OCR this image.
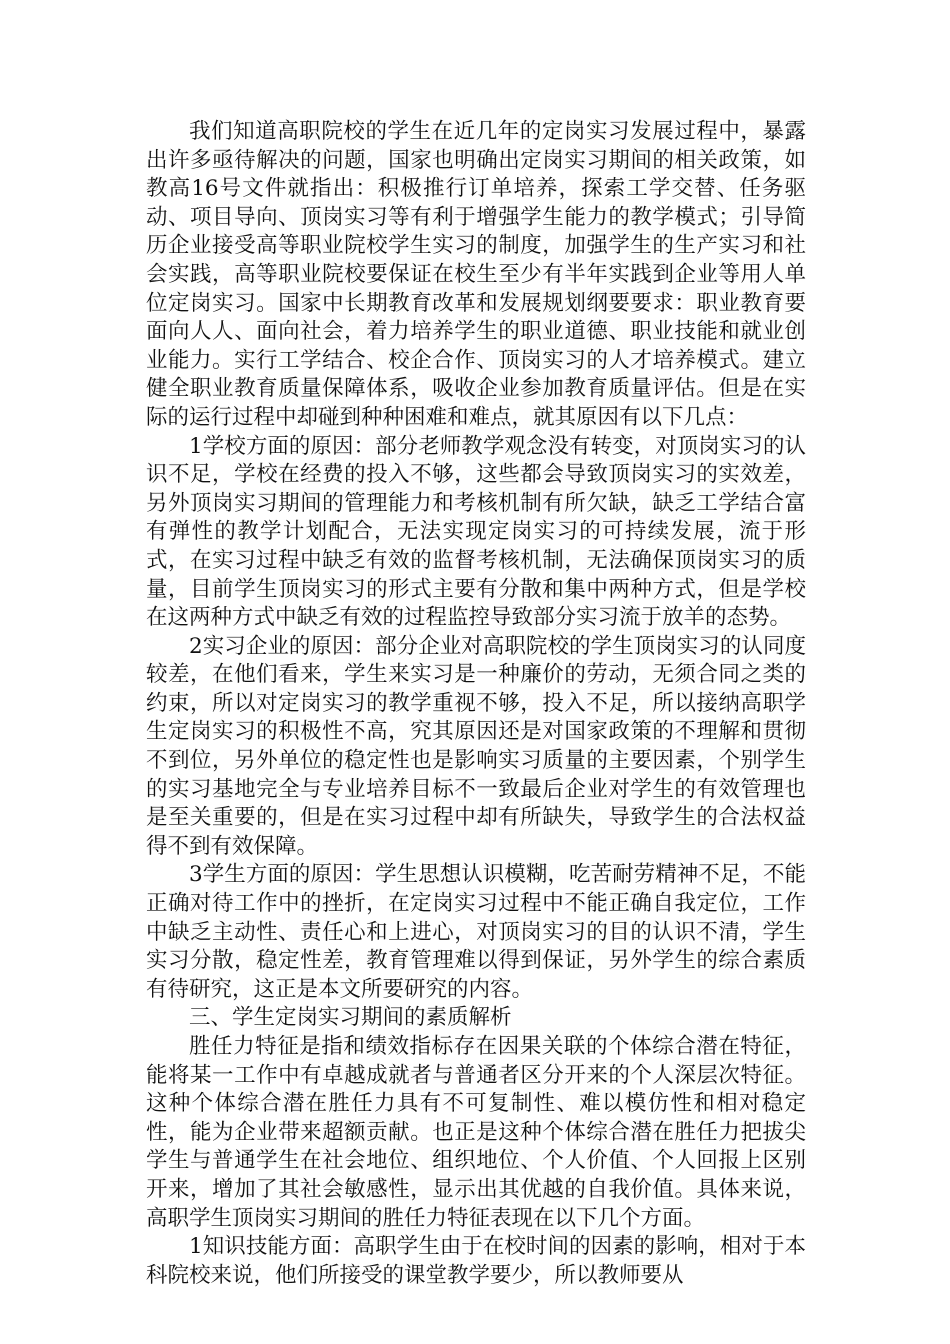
我们知道高职院校的学生在近几年的定岗实习发展过程中，暴露出许多亟待解决的问题，国家也明确出定岗实习期间的相关政策，如教高16号文件就指出：积极推行订单培养，探索工学交替、任务驱动、项目导向、顶岗实习等有利于增强学生能力的教学模式；引导简历企业接受高等职业院校学生实习的制度，加强学生的生产实习和社会实践，高等职业院校要保证在校生至少有半年实践到企业等用人单位定岗实习。国家中长期教育改革和发展规划纲要要求：职业教育要面向人人、面向社会，着力培养学生的职业道德、职业技能和就业创业能力。实行工学结合、校企合作、顶岗实习的人才培养模式。建立健全职业教育质量保障体系，吸收企业参加教育质量评估。但是在实际的运行过程中却碰到种种困难和难点，就其原因有以下几点：

1学校方面的原因：部分老师教学观念没有转变，对顶岗实习的认识不足，学校在经费的投入不够，这些都会导致顶岗实习的实效差，另外顶岗实习期间的管理能力和考核机制有所欠缺，缺乏工学结合富有弹性的教学计划配合，无法实现定岗实习的可持续发展，流于形式，在实习过程中缺乏有效的监督考核机制，无法确保顶岗实习的质量，目前学生顶岗实习的形式主要有分散和集中两种方式，但是学校在这两种方式中缺乏有效的过程监控导致部分实习流于放羊的态势。

2实习企业的原因：部分企业对高职院校的学生顶岗实习的认同度较差，在他们看来，学生来实习是一种廉价的劳动，无须合同之类的约束，所以对定岗实习的教学重视不够，投入不足，所以接纳高职学生定岗实习的积极性不高，究其原因还是对国家政策的不理解和贯彻不到位，另外单位的稳定性也是影响实习质量的主要因素，个别学生的实习基地完全与专业培养目标不一致最后企业对学生的有效管理也是至关重要的，但是在实习过程中却有所缺失，导致学生的合法权益得不到有效保障。

3学生方面的原因：学生思想认识模糊，吃苦耐劳精神不足，不能正确对待工作中的挫折，在定岗实习过程中不能正确自我定位，工作中缺乏主动性、责任心和上进心，对顶岗实习的目的认识不清，学生实习分散，稳定性差，教育管理难以得到保证，另外学生的综合素质有待研究，这正是本文所要研究的内容。

三、学生定岗实习期间的素质解析

胜任力特征是指和绩效指标存在因果关联的个体综合潜在特征，能将某一工作中有卓越成就者与普通者区分开来的个人深层次特征。这种个体综合潜在胜任力具有不可复制性、难以模仿性和相对稳定性，能为企业带来超额贡献。也正是这种个体综合潜在胜任力把拔尖学生与普通学生在社会地位、组织地位、个人价值、个人回报上区别开来，增加了其社会敏感性，显示出其优越的自我价值。具体来说，高职学生顶岗实习期间的胜任力特征表现在以下几个方面。

1知识技能方面：高职学生由于在校时间的因素的影响，相对于本科院校来说，他们所接受的课堂教学要少，所以教师要从
